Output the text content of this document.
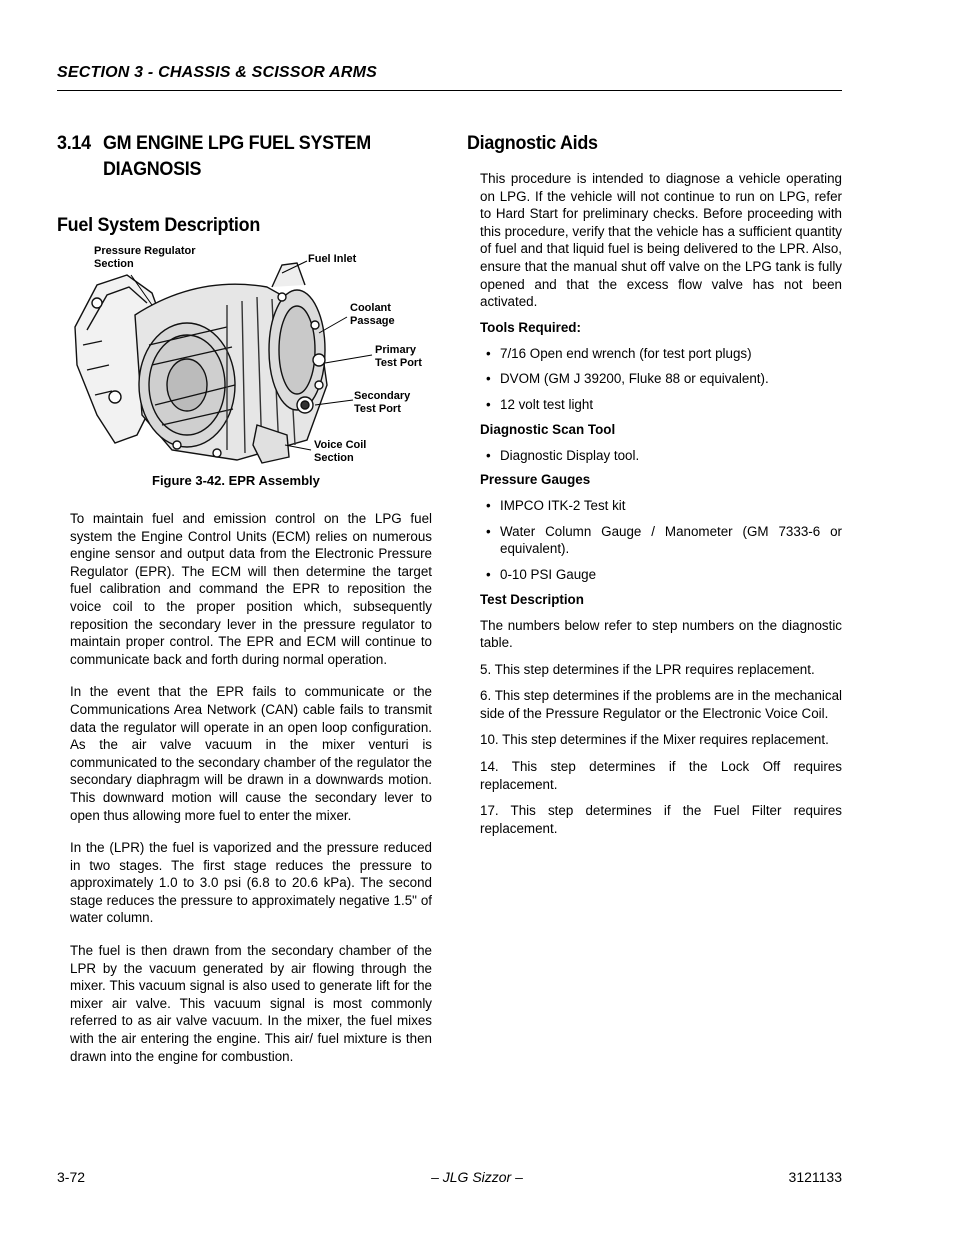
SECTION 3 - CHASSIS & SCISSOR ARMS
3.14 GM ENGINE LPG FUEL SYSTEM
DIAGNOSIS
Fuel System Description
Pressure Regulator
Section	Fuel Inlet
Coolant
Passage
Primary
Test Port
Secondary
Test Port
Voice Coil
Section
Figure 3-42. EPR Assembly

To maintain fuel and emission control on the LPG fuel system the Engine Control Units (ECM) relies on numerous engine sensor and output data from the Electronic Pressure Regulator (EPR). The ECM will then determine the target fuel calibration and command the EPR to reposition the voice coil to the proper position which, subsequently reposition the secondary lever in the pressure regulator to maintain proper control. The EPR and ECM will continue to communicate back and forth during normal operation.

In the event that the EPR fails to communicate or the Communications Area Network (CAN) cable fails to transmit data the regulator will operate in an open loop configuration. As the air valve vacuum in the mixer venturi is communicated to the secondary chamber of the regulator the secondary diaphragm will be drawn in a downwards motion. This downward motion will cause the secondary lever to open thus allowing more fuel to enter the mixer.

In the (LPR) the fuel is vaporized and the pressure reduced in two stages. The first stage reduces the pressure to approximately 1.0 to 3.0 psi (6.8 to 20.6 kPa). The second stage reduces the pressure to approximately negative 1.5" of water column.

The fuel is then drawn from the secondary chamber of the LPR by the vacuum generated by air flowing through the mixer. This vacuum signal is also used to generate lift for the mixer air valve. This vacuum signal is most commonly referred to as air valve vacuum. In the mixer, the fuel mixes with the air entering the engine. This air/ fuel mixture is then drawn into the engine for combustion.

Diagnostic Aids

This procedure is intended to diagnose a vehicle operating on LPG. If the vehicle will not continue to run on LPG, refer to Hard Start for preliminary checks. Before proceeding with this procedure, verify that the vehicle has a sufficient quantity of fuel and that liquid fuel is being delivered to the LPR. Also, ensure that the manual shut off valve on the LPG tank is fully opened and that the excess flow valve has not been activated.

Tools Required:
• 7/16 Open end wrench (for test port plugs)
• DVOM (GM J 39200, Fluke 88 or equivalent).
• 12 volt test light
Diagnostic Scan Tool
• Diagnostic Display tool.
Pressure Gauges
• IMPCO ITK-2 Test kit
• Water Column Gauge / Manometer (GM 7333-6 or equivalent).
• 0-10 PSI Gauge
Test Description

The numbers below refer to step numbers on the diagnostic table.

5. This step determines if the LPR requires replacement.

6. This step determines if the problems are in the mechanical side of the Pressure Regulator or the Electronic Voice Coil.

10. This step determines if the Mixer requires replacement.

14. This step determines if the Lock Off requires replacement.

17. This step determines if the Fuel Filter requires replacement.

3-72	– JLG Sizzor –	3121133
